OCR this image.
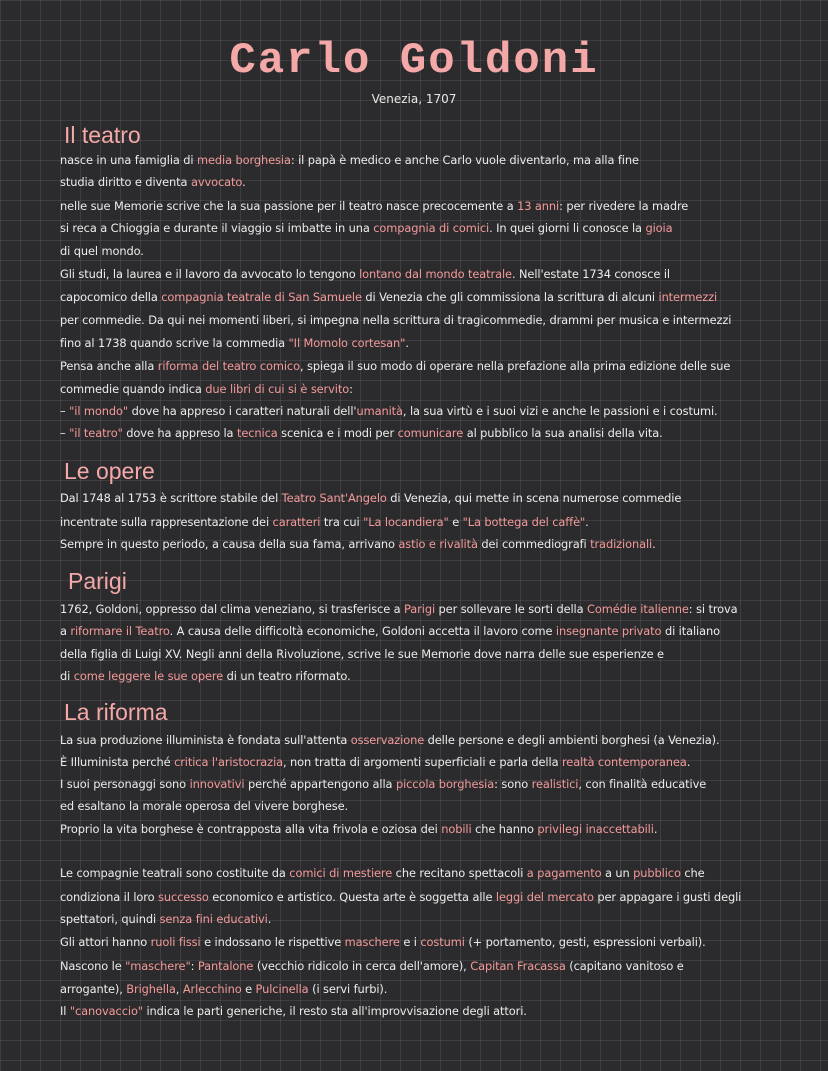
Carlo Goldoni
Venezia, 1707
Il teatro
nasce in una famiglia di media borghesia: il papà è medico e anche Carlo vuole diventarlo, ma alla fine
studia diritto e diventa avvocato.
nelle sue Memorie scrive che la sua passione per il teatro nasce precocemente a 13 anni: per rivedere la madre
si reca a Chioggia e durante il viaggio si imbatte in una compagnia di comici. In quei giorni li conosce la gioia
di quel mondo.
Gli studi, la laurea e il lavoro da avvocato lo tengono lontano dal mondo teatrale. Nell'estate 1734 conosce il
capocomico della compagnia teatrale di San Samuele di Venezia che gli commissiona la scrittura di alcuni intermezzi
per commedie. Da qui nei momenti liberi, si impegna nella scrittura di tragicommedie, drammi per musica e intermezzi
fino al 1738 quando scrive la commedia "Il Momolo cortesan".
Pensa anche alla riforma del teatro comico, spiega il suo modo di operare nella prefazione alla prima edizione delle sue
commedie quando indica due libri di cui si è servito:
– "il mondo" dove ha appreso i caratteri naturali dell'umanità, la sua virtù e i suoi vizi e anche le passioni e i costumi.
– "il teatro" dove ha appreso la tecnica scenica e i modi per comunicare al pubblico la sua analisi della vita.
Le opere
Dal 1748 al 1753 è scrittore stabile del Teatro Sant'Angelo di Venezia, qui mette in scena numerose commedie
incentrate sulla rappresentazione dei caratteri tra cui "La locandiera" e "La bottega del caffè".
Sempre in questo periodo, a causa della sua fama, arrivano astio e rivalità dei commediografi tradizionali.
Parigi
1762, Goldoni, oppresso dal clima veneziano, si trasferisce a Parigi per sollevare le sorti della Comédie italienne: si trova
a riformare il Teatro. A causa delle difficoltà economiche, Goldoni accetta il lavoro come insegnante privato di italiano
della figlia di Luigi XV. Negli anni della Rivoluzione, scrive le sue Memorie dove narra delle sue esperienze e
di come leggere le sue opere di un teatro riformato.
La riforma
La sua produzione illuminista è fondata sull'attenta osservazione delle persone e degli ambienti borghesi (a Venezia).
È Illuminista perché critica l'aristocrazia, non tratta di argomenti superficiali e parla della realtà contemporanea.
I suoi personaggi sono innovativi perché appartengono alla piccola borghesia: sono realistici, con finalità educative
ed esaltano la morale operosa del vivere borghese.
Proprio la vita borghese è contrapposta alla vita frivola e oziosa dei nobili che hanno privilegi inaccettabili.
Le compagnie teatrali sono costituite da comici di mestiere che recitano spettacoli a pagamento a un pubblico che
condiziona il loro successo economico e artistico. Questa arte è soggetta alle leggi del mercato per appagare i gusti degli
spettatori, quindi senza fini educativi.
Gli attori hanno ruoli fissi e indossano le rispettive maschere e i costumi (+ portamento, gesti, espressioni verbali).
Nascono le "maschere": Pantalone (vecchio ridicolo in cerca dell'amore), Capitan Fracassa (capitano vanitoso e
arrogante), Brighella, Arlecchino e Pulcinella (i servi furbi).
Il "canovaccio" indica le parti generiche, il resto sta all'improvvisazione degli attori.
